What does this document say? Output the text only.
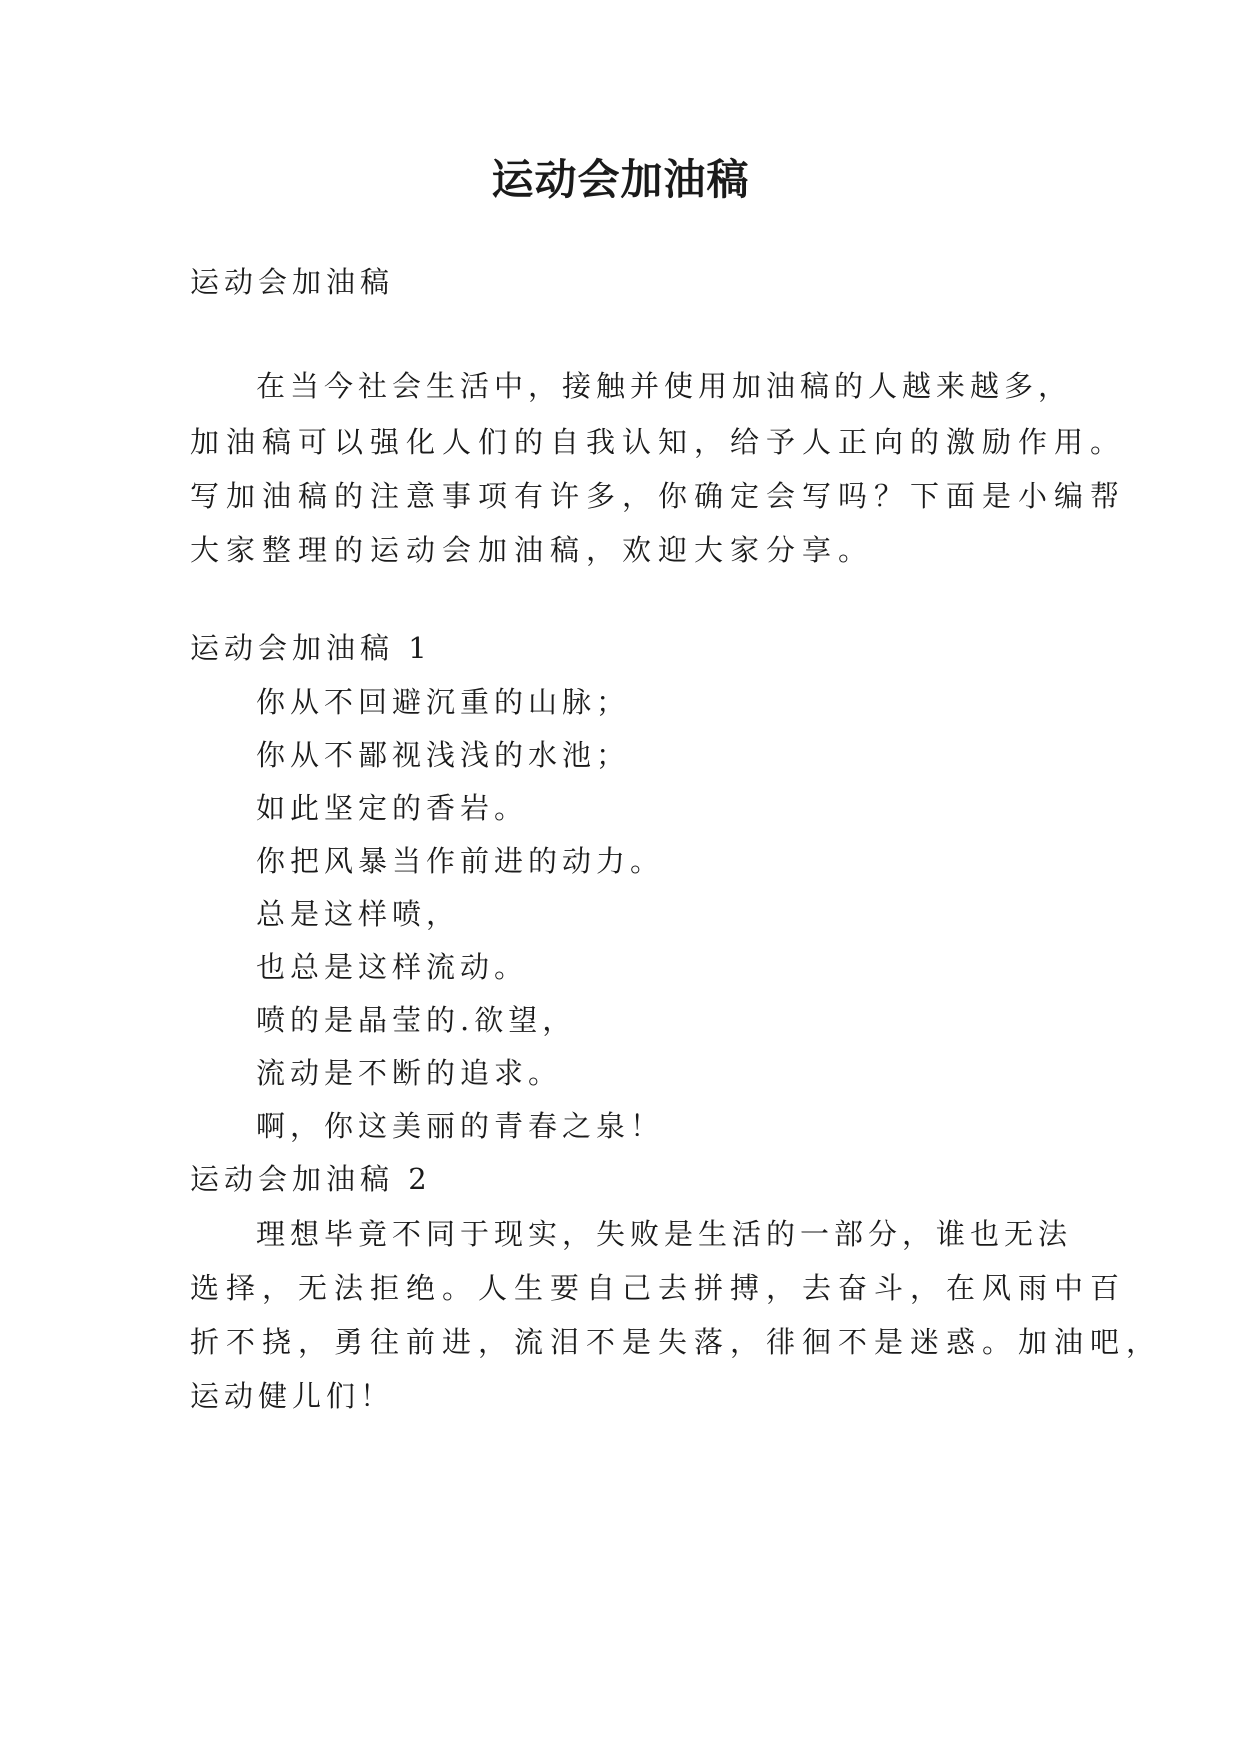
运动会加油稿
运动会加油稿
在当今社会生活中，接触并使用加油稿的人越来越多，
加油稿可以强化人们的自我认知，给予人正向的激励作用。
写加油稿的注意事项有许多，你确定会写吗？下面是小编帮
大家整理的运动会加油稿，欢迎大家分享。
运动会加油稿 1
你从不回避沉重的山脉；
你从不鄙视浅浅的水池；
如此坚定的香岩。
你把风暴当作前进的动力。
总是这样喷，
也总是这样流动。
喷的是晶莹的.欲望，
流动是不断的追求。
啊，你这美丽的青春之泉！
运动会加油稿 2
理想毕竟不同于现实，失败是生活的一部分，谁也无法
选择，无法拒绝。人生要自己去拼搏，去奋斗，在风雨中百
折不挠，勇往前进，流泪不是失落，徘徊不是迷惑。加油吧，
运动健儿们！
